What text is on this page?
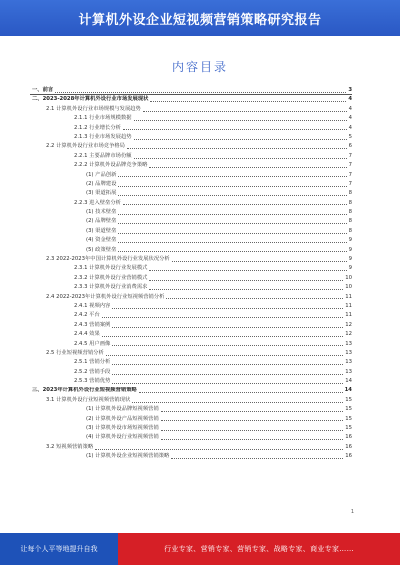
计算机外设企业短视频营销策略研究报告
内容目录
一、前言	3
二、2023-2028年计算机外设行业市场发展现状	4
2.1 计算机外设行业市场规模与发展趋势	4
2.1.1 行业市场规模数据	4
2.1.2 行业增长分析	4
2.1.3 行业市场发展趋势	5
2.2 计算机外设行业市场竞争格局	6
2.2.1 主要品牌市场份额	7
2.2.2 计算机外设品牌竞争策略	7
(1) 产品创新	7
(2) 品牌建设	7
(3) 渠道拓展	8
2.2.3 进入壁垒分析	8
(1) 技术壁垒	8
(2) 品牌壁垒	8
(3) 渠道壁垒	8
(4) 资金壁垒	9
(5) 政策壁垒	9
2.3 2022-2023年中国计算机外设行业发展状况分析	9
2.3.1 计算机外设行业发展模式	9
2.3.2 计算机外设行业营销模式	10
2.3.3 计算机外设行业消费需求	10
2.4 2022-2023年计算机外设行业短视频营销分析	11
2.4.1 视频内容	11
2.4.2 平台	11
2.4.3 营销案例	12
2.4.4 效果	12
2.4.5 用户画像	13
2.5 行业短视频营销分析	13
2.5.1 营销分析	13
2.5.2 营销手段	13
2.5.3 营销优势	14
三、2023年计算机外设行业短视频营销策略	14
3.1 计算机外设行业短视频营销现状	15
(1) 计算机外设品牌短视频营销	15
(2) 计算机外设产品短视频营销	15
(3) 计算机外设市场短视频营销	15
(4) 计算机外设行业短视频营销	16
3.2 短视频营销策略	16
(1) 计算机外设企业短视频营销策略	16
1
让每个人平等地提升自我	行业专家、营销专家、营销专家、战略专家、商业专家……
